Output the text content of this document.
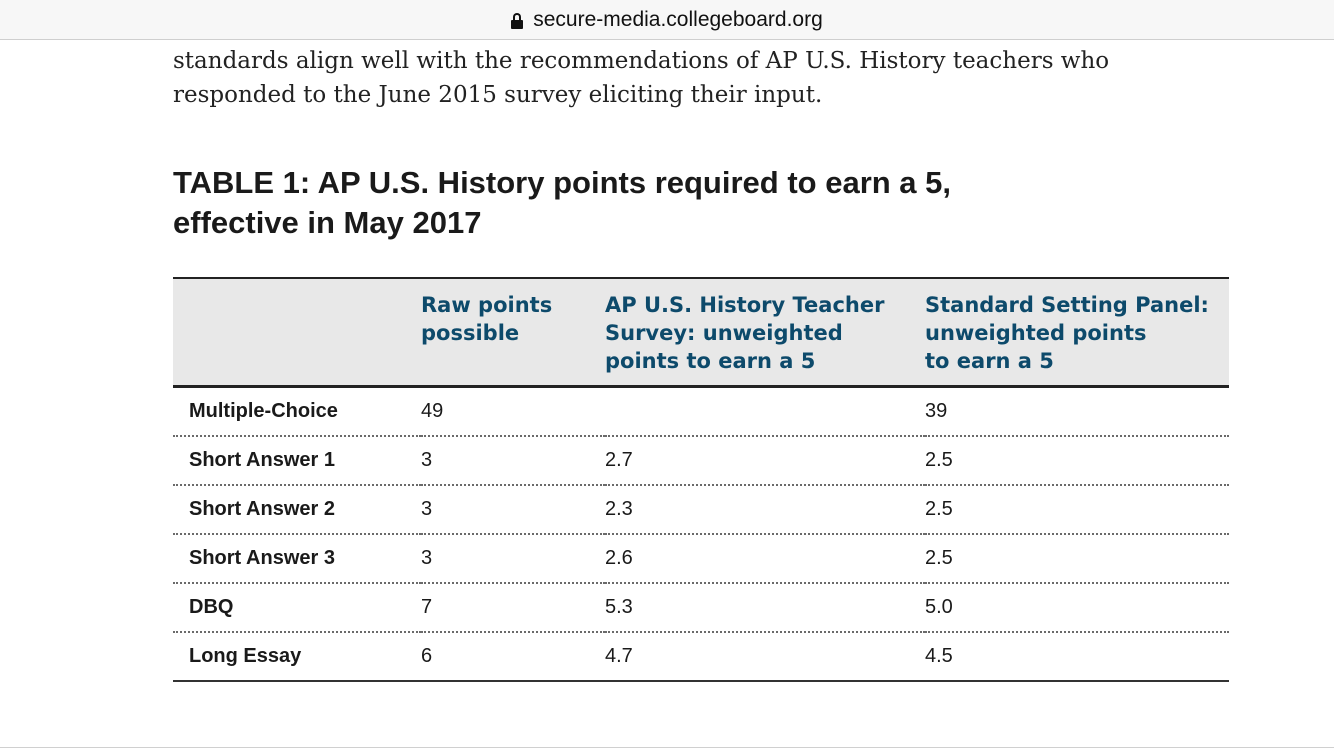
secure-media.collegeboard.org

standards align well with the recommendations of AP U.S. History teachers who

responded to the June 2015 survey eliciting their input.

TABLE 1: AP U.S. History points required to earn a 5,
effective in May 2017

	Raw points
possible	AP U.S. History Teacher
Survey: unweighted
points to earn a 5	Standard Setting Panel:
unweighted points
to earn a 5

Multiple-Choice	49		39
Short Answer 1	3	2.7	2.5
Short Answer 2	3	2.3	2.5
Short Answer 3	3	2.6	2.5
DBQ	7	5.3	5.0
Long Essay	6	4.7	4.5
